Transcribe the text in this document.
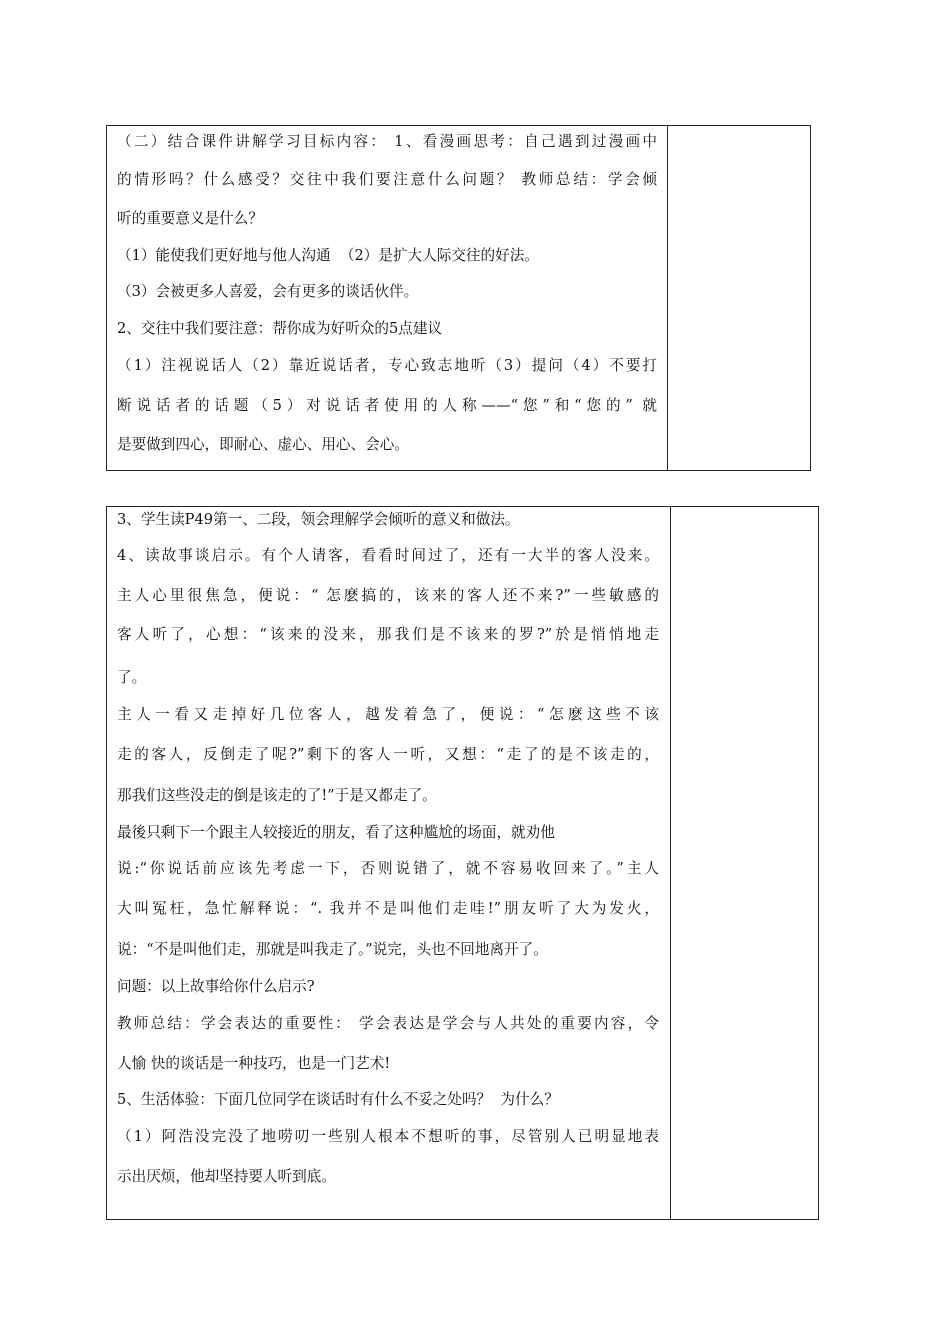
（二）结合课件讲解学习目标内容： 1、看漫画思考：自己遇到过漫画中
的情形吗？什么感受？交往中我们要注意什么问题？ 教师总结：学会倾
听的重要意义是什么？
（1）能使我们更好地与他人沟通  （2）是扩大人际交往的好法。
（3）会被更多人喜爱，会有更多的谈话伙伴。
2、交往中我们要注意：帮你成为好听众的5点建议
（1）注视说话人（2）靠近说话者，专心致志地听（3）提问（4）不要打
断说话者的话题（5）对说话者使用的人称——“您”和“您的” 就
是要做到四心，即耐心、虚心、用心、会心。
3、学生读P49第一、二段，领会理解学会倾听的意义和做法。
4、读故事谈启示。有个人请客，看看时间过了，还有一大半的客人没来。
主人心里很焦急，便说：“ 怎麽搞的，该来的客人还不来?”一些敏感的
客人听了，心想：“该来的没来，那我们是不该来的罗?”於是悄悄地走
了。
主人一看又走掉好几位客人，越发着急了，便说：“怎麽这些不该
走的客人，反倒走了呢?”剩下的客人一听，又想：“走了的是不该走的，
那我们这些没走的倒是该走的了!”于是又都走了。
最後只剩下一个跟主人较接近的朋友，看了这种尴尬的场面，就劝他
说:“你说话前应该先考虑一下，否则说错了，就不容易收回来了。”主人
大叫冤枉，急忙解释说：“. 我并不是叫他们走哇!”朋友听了大为发火，
说：“不是叫他们走，那就是叫我走了。”说完，头也不回地离开了。
问题：以上故事给你什么启示?
教师总结：学会表达的重要性： 学会表达是学会与人共处的重要内容，令
人愉 快的谈话是一种技巧，也是一门艺术!
5、生活体验：下面几位同学在谈话时有什么不妥之处吗？  为什么？
（1）阿浩没完没了地唠叨一些别人根本不想听的事，尽管别人已明显地表
示出厌烦，他却坚持要人听到底。
